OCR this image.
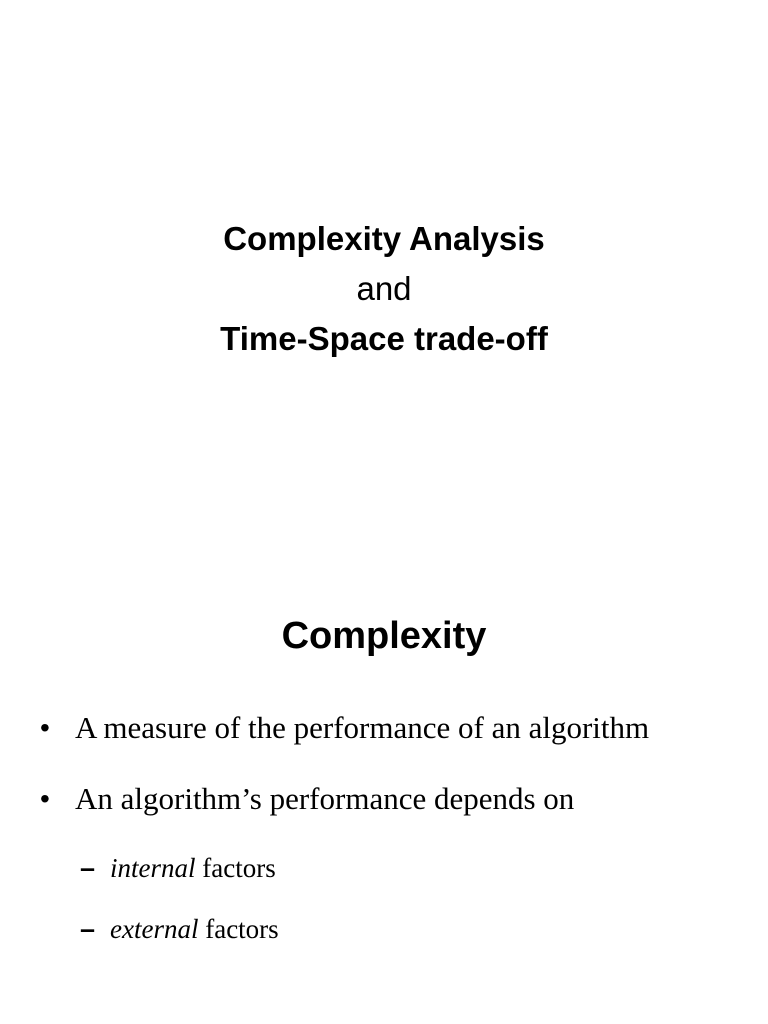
Complexity Analysis
and
Time-Space trade-off
Complexity
• A measure of the performance of an algorithm
• An algorithm’s performance depends on
– internal factors
– external factors
